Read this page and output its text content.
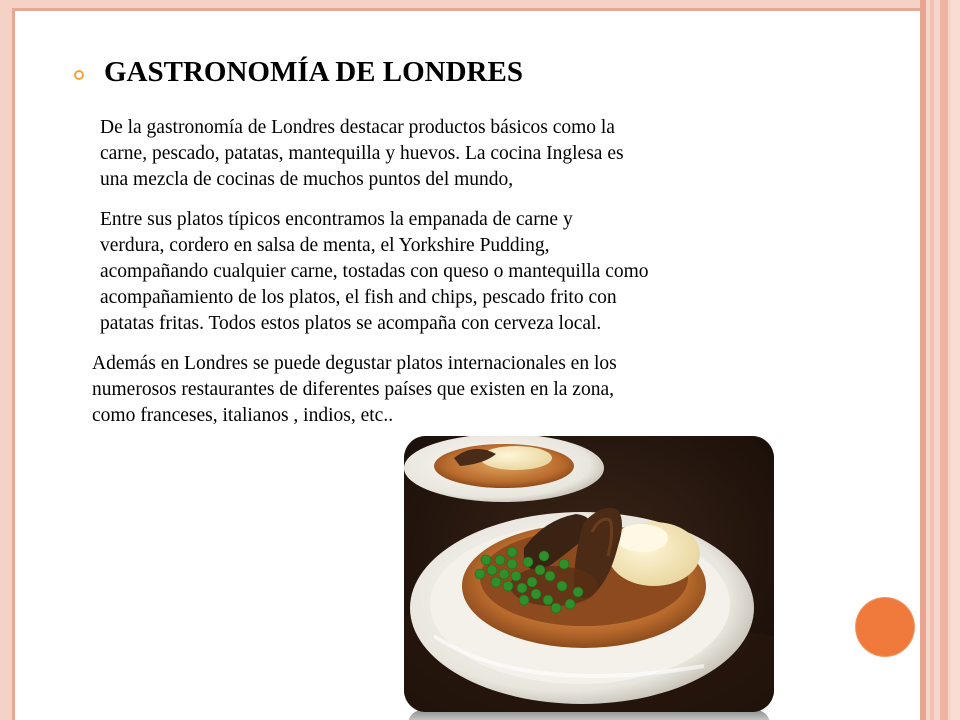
GASTRONOMÍA DE LONDRES

De la gastronomía de Londres destacar productos básicos como la
carne, pescado, patatas, mantequilla y huevos. La cocina Inglesa es
una mezcla de cocinas de muchos puntos del mundo,

Entre sus platos típicos encontramos la empanada de carne y
verdura, cordero en salsa de menta, el Yorkshire Pudding,
acompañando cualquier carne, tostadas con queso o mantequilla como
acompañamiento de los platos, el fish and chips, pescado frito con
patatas fritas. Todos estos platos se acompaña con cerveza local.

Además en Londres se puede degustar platos internacionales en los
numerosos restaurantes de diferentes países que existen en la zona,
como franceses, italianos , indios, etc..
